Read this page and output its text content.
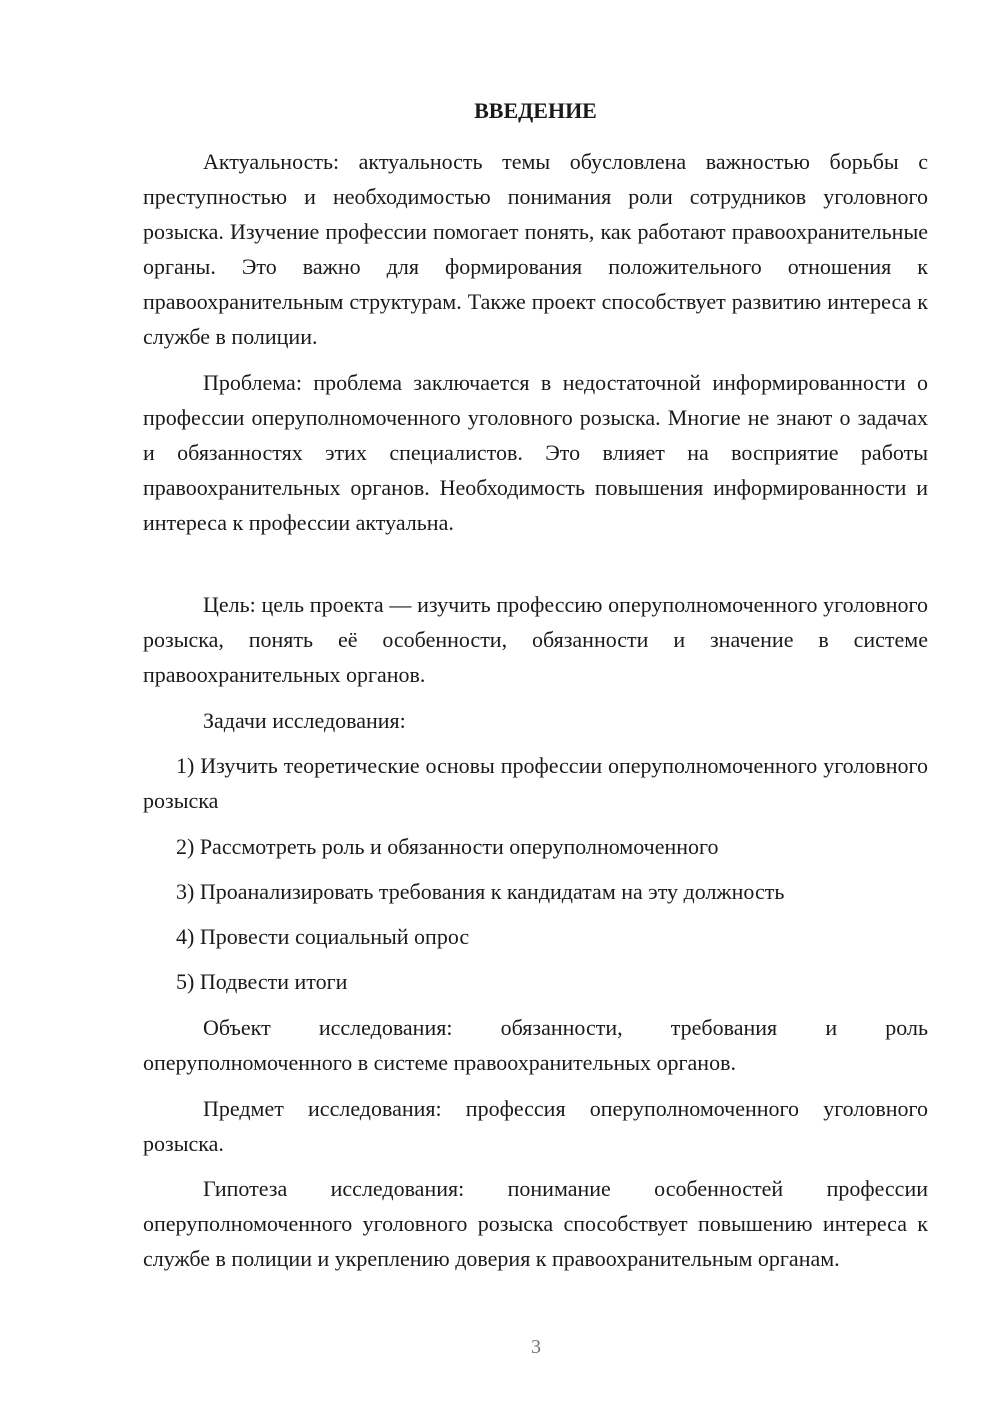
ВВЕДЕНИЕ

Актуальность: актуальность темы обусловлена важностью борьбы с преступностью и необходимостью понимания роли сотрудников уголовного розыска. Изучение профессии помогает понять, как работают правоохранительные органы. Это важно для формирования положительного отношения к правоохранительным структурам. Также проект способствует развитию интереса к службе в полиции.

Проблема: проблема заключается в недостаточной информированности о профессии оперуполномоченного уголовного розыска. Многие не знают о задачах и обязанностях этих специалистов. Это влияет на восприятие работы правоохранительных органов. Необходимость повышения информированности и интереса к профессии актуальна.

Цель: цель проекта — изучить профессию оперуполномоченного уголовного розыска, понять её особенности, обязанности и значение в системе правоохранительных органов.

Задачи исследования:

1) Изучить теоретические основы профессии оперуполномоченного уголовного розыска

2) Рассмотреть роль и обязанности оперуполномоченного

3) Проанализировать требования к кандидатам на эту должность

4) Провести социальный опрос

5) Подвести итоги

Объект исследования: обязанности, требования и роль оперуполномоченного в системе правоохранительных органов.

Предмет исследования: профессия оперуполномоченного уголовного розыска.

Гипотеза исследования: понимание особенностей профессии оперуполномоченного уголовного розыска способствует повышению интереса к службе в полиции и укреплению доверия к правоохранительным органам.

3
